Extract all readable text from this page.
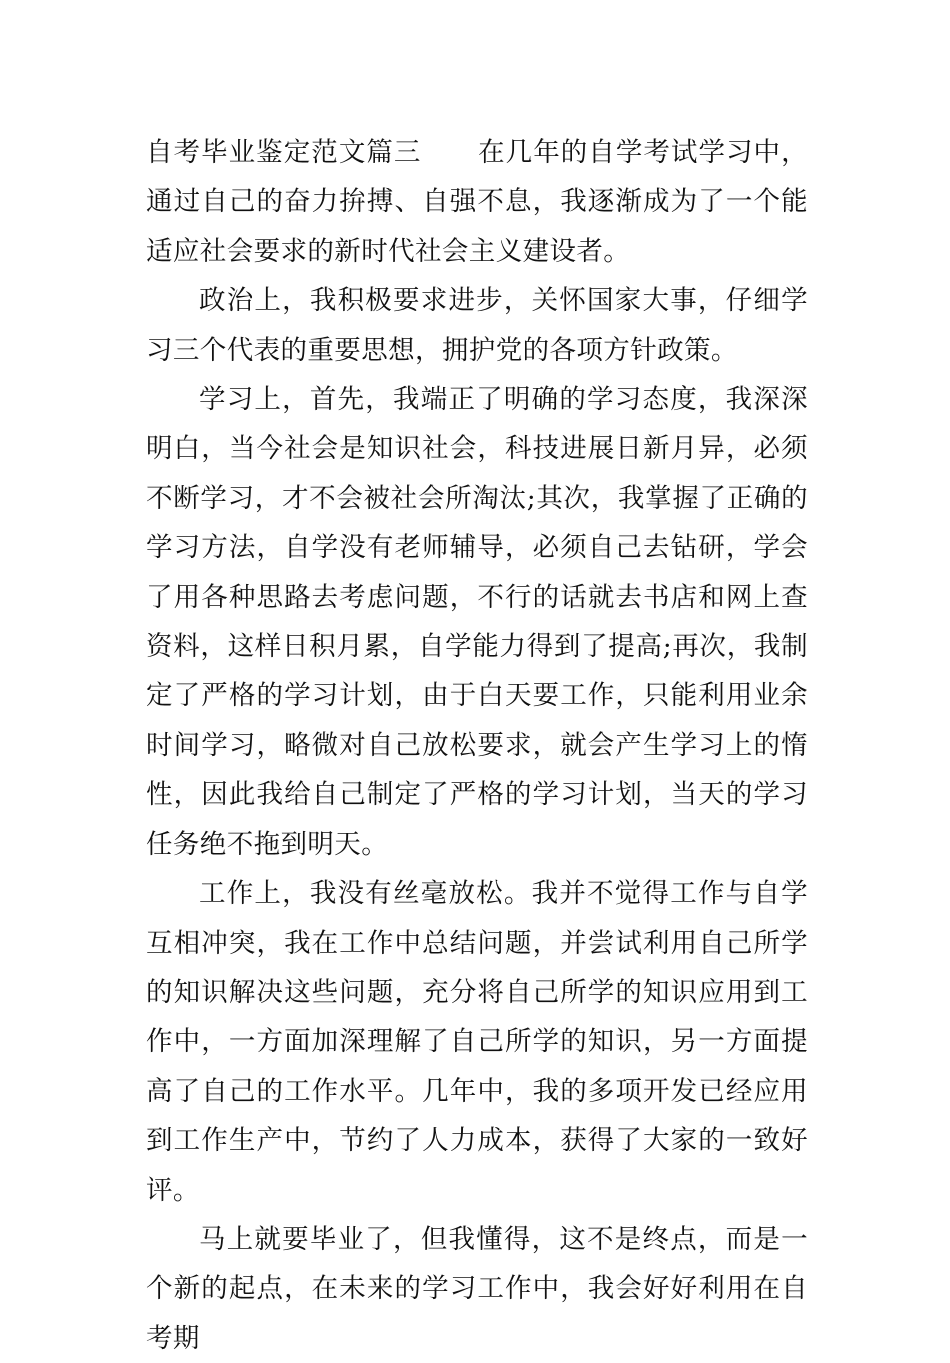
自考毕业鉴定范文篇三 在几年的自学考试学习中，通过自己的奋力拚搏、自强不息，我逐渐成为了一个能适应社会要求的新时代社会主义建设者。

政治上，我积极要求进步，关怀国家大事，仔细学习三个代表的重要思想，拥护党的各项方针政策。

学习上，首先，我端正了明确的学习态度，我深深明白，当今社会是知识社会，科技进展日新月异，必须不断学习，才不会被社会所淘汰;其次，我掌握了正确的学习方法，自学没有老师辅导，必须自己去钻研，学会了用各种思路去考虑问题，不行的话就去书店和网上查资料，这样日积月累，自学能力得到了提高;再次，我制定了严格的学习计划，由于白天要工作，只能利用业余时间学习，略微对自己放松要求，就会产生学习上的惰性，因此我给自己制定了严格的学习计划，当天的学习任务绝不拖到明天。

工作上，我没有丝毫放松。我并不觉得工作与自学互相冲突，我在工作中总结问题，并尝试利用自己所学的知识解决这些问题，充分将自己所学的知识应用到工作中，一方面加深理解了自己所学的知识，另一方面提高了自己的工作水平。几年中，我的多项开发已经应用到工作生产中，节约了人力成本，获得了大家的一致好评。

马上就要毕业了，但我懂得，这不是终点，而是一个新的起点，在未来的学习工作中，我会好好利用在自考期
